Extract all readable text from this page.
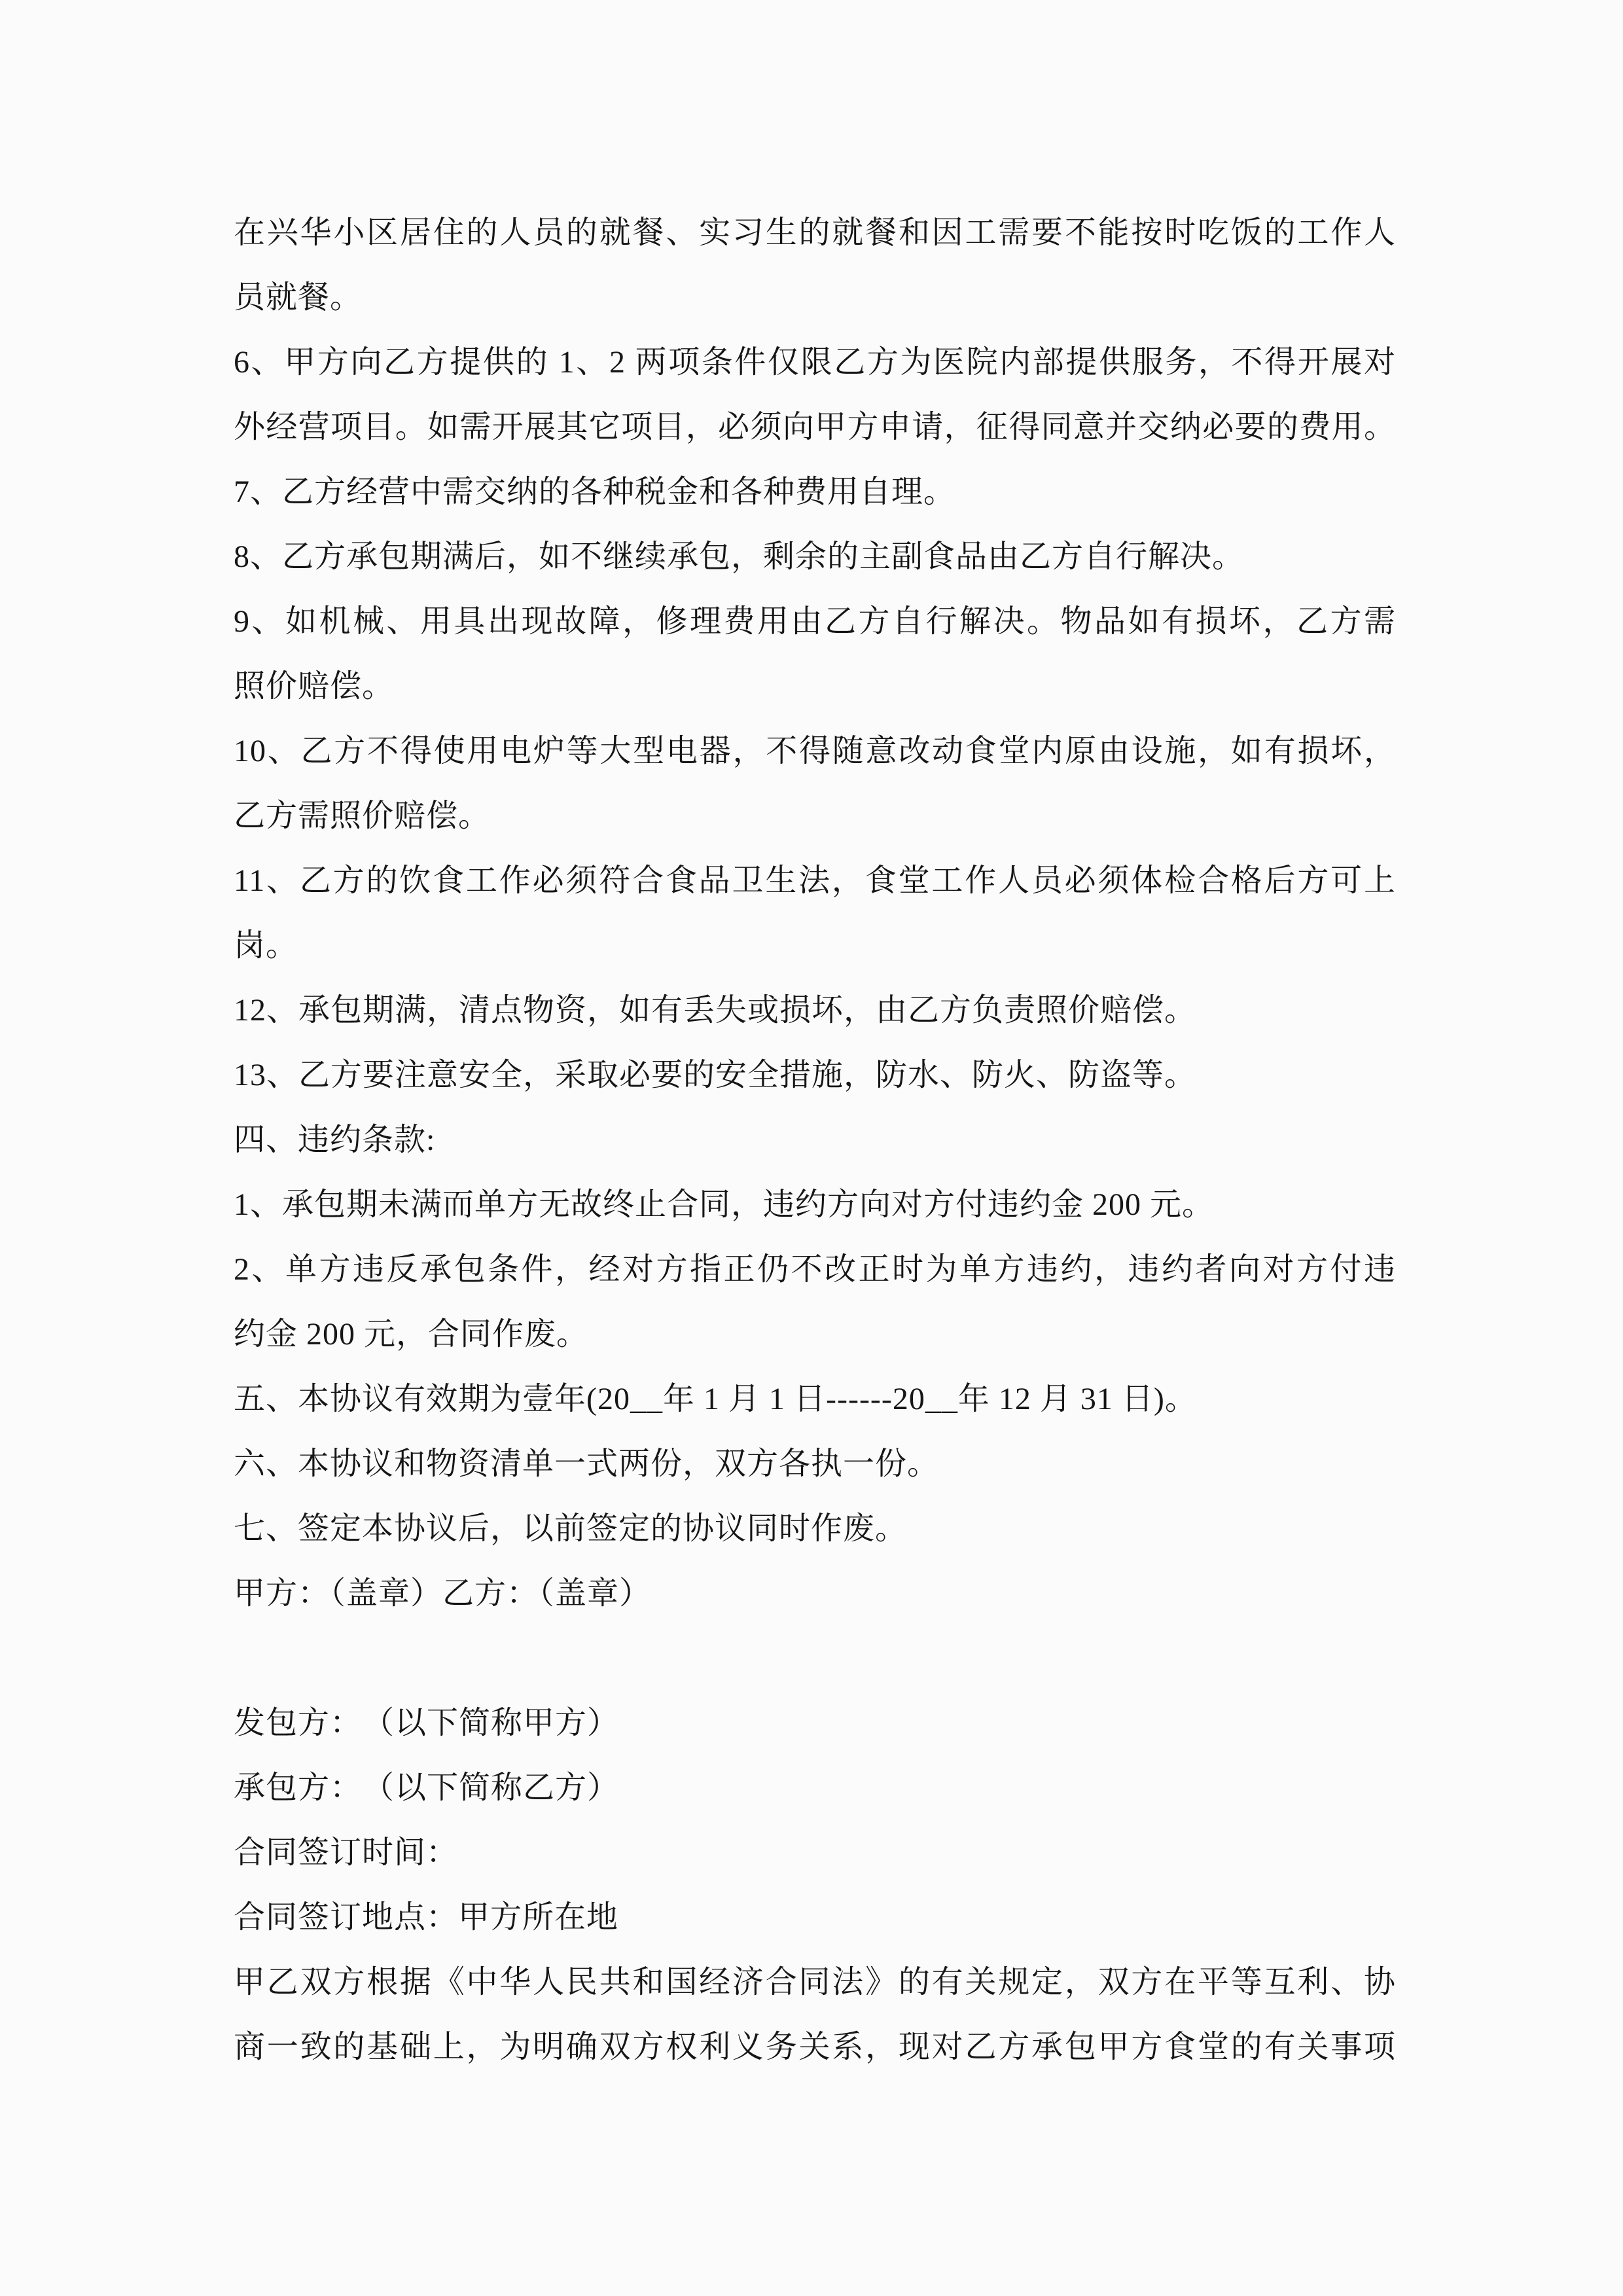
在兴华小区居住的人员的就餐、实习生的就餐和因工需要不能按时吃饭的工作人
员就餐。
6、甲方向乙方提供的 1、2 两项条件仅限乙方为医院内部提供服务，不得开展对
外经营项目。如需开展其它项目，必须向甲方申请，征得同意并交纳必要的费用。
7、乙方经营中需交纳的各种税金和各种费用自理。
8、乙方承包期满后，如不继续承包，剩余的主副食品由乙方自行解决。
9、如机械、用具出现故障，修理费用由乙方自行解决。物品如有损坏，乙方需
照价赔偿。
10、乙方不得使用电炉等大型电器，不得随意改动食堂内原由设施，如有损坏，
乙方需照价赔偿。
11、乙方的饮食工作必须符合食品卫生法，食堂工作人员必须体检合格后方可上
岗。
12、承包期满，清点物资，如有丢失或损坏，由乙方负责照价赔偿。
13、乙方要注意安全，采取必要的安全措施，防水、防火、防盗等。
四、违约条款:
1、承包期未满而单方无故终止合同，违约方向对方付违约金 200 元。
2、单方违反承包条件，经对方指正仍不改正时为单方违约，违约者向对方付违
约金 200 元，合同作废。
五、本协议有效期为壹年(20__年 1 月 1 日------20__年 12 月 31 日)。
六、本协议和物资清单一式两份，双方各执一份。
七、签定本协议后，以前签定的协议同时作废。
甲方：（盖章）乙方：（盖章）
发包方：　（以下简称甲方）
承包方：　（以下简称乙方）
合同签订时间：
合同签订地点：甲方所在地
甲乙双方根据《中华人民共和国经济合同法》的有关规定，双方在平等互利、协
商一致的基础上，为明确双方权利义务关系，现对乙方承包甲方食堂的有关事项
